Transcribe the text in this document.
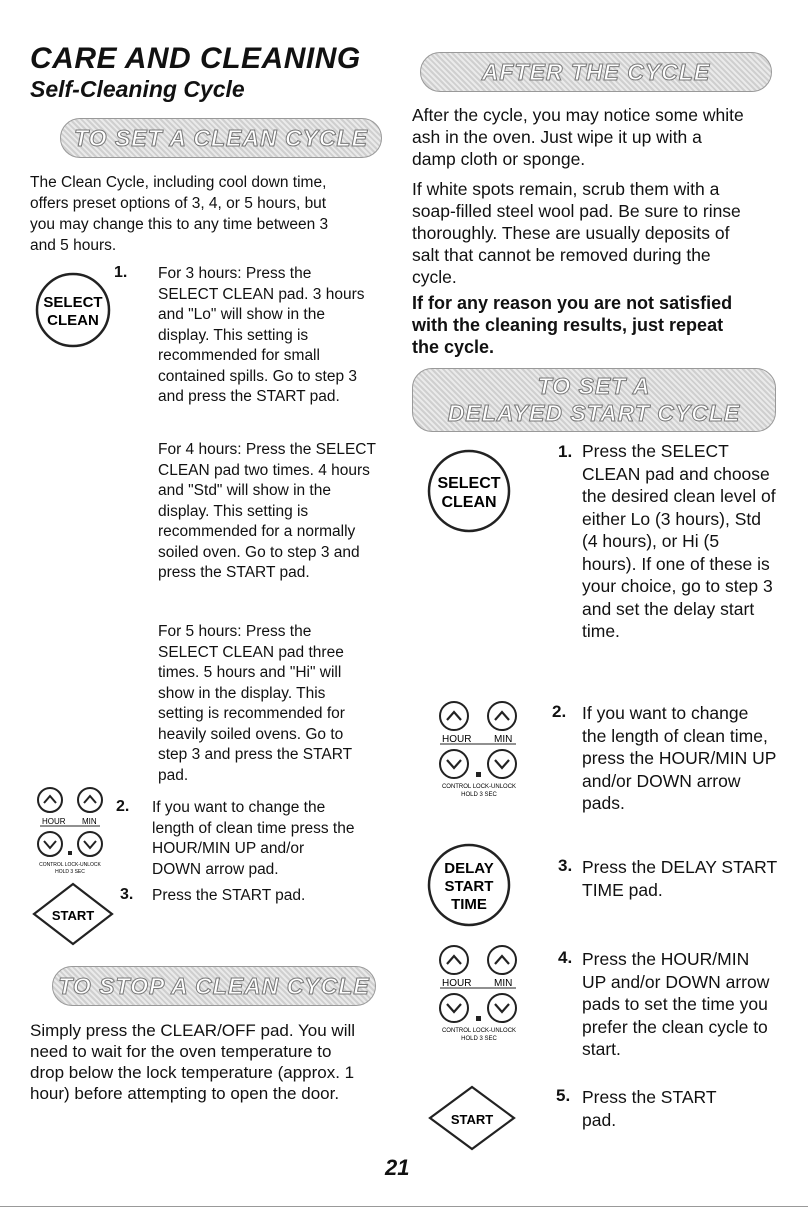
CARE AND CLEANING
Self-Cleaning Cycle
TO SET A CLEAN CYCLE
The Clean Cycle, including cool down time, offers preset options of 3, 4, or 5 hours, but you may change this to any time between 3 and 5 hours.
SELECT
CLEAN
1. For 3 hours: Press the SELECT CLEAN pad. 3 hours and "Lo" will show in the display. This setting is recommended for small contained spills. Go to step 3 and press the START pad.
For 4 hours: Press the SELECT CLEAN pad two times. 4 hours and "Std" will show in the display. This setting is recommended for a normally soiled oven. Go to step 3 and press the START pad.
For 5 hours: Press the SELECT CLEAN pad three times. 5 hours and "Hi" will show in the display. This setting is recommended for heavily soiled ovens. Go to step 3 and press the START pad.
HOUR MIN
CONTROL LOCK-UNLOCK
HOLD 3 SEC
2. If you want to change the length of clean time press the HOUR/MIN UP and/or DOWN arrow pad.
START
3. Press the START pad.
TO STOP A CLEAN CYCLE
Simply press the CLEAR/OFF pad. You will need to wait for the oven temperature to drop below the lock temperature (approx. 1 hour) before attempting to open the door.
AFTER THE CYCLE
After the cycle, you may notice some white ash in the oven. Just wipe it up with a damp cloth or sponge.
If white spots remain, scrub them with a soap-filled steel wool pad. Be sure to rinse thoroughly. These are usually deposits of salt that cannot be removed during the cycle.
If for any reason you are not satisfied with the cleaning results, just repeat the cycle.
TO SET A
DELAYED START CYCLE
SELECT
CLEAN
1. Press the SELECT CLEAN pad and choose the desired clean level of either Lo (3 hours), Std (4 hours), or Hi (5 hours). If one of these is your choice, go to step 3 and set the delay start time.
HOUR MIN
CONTROL LOCK-UNLOCK
HOLD 3 SEC
2. If you want to change the length of clean time, press the HOUR/MIN UP and/or DOWN arrow pads.
DELAY
START
TIME
3. Press the DELAY START TIME pad.
HOUR MIN
CONTROL LOCK-UNLOCK
HOLD 3 SEC
4. Press the HOUR/MIN UP and/or DOWN arrow pads to set the time you prefer the clean cycle to start.
START
5. Press the START pad.
21
